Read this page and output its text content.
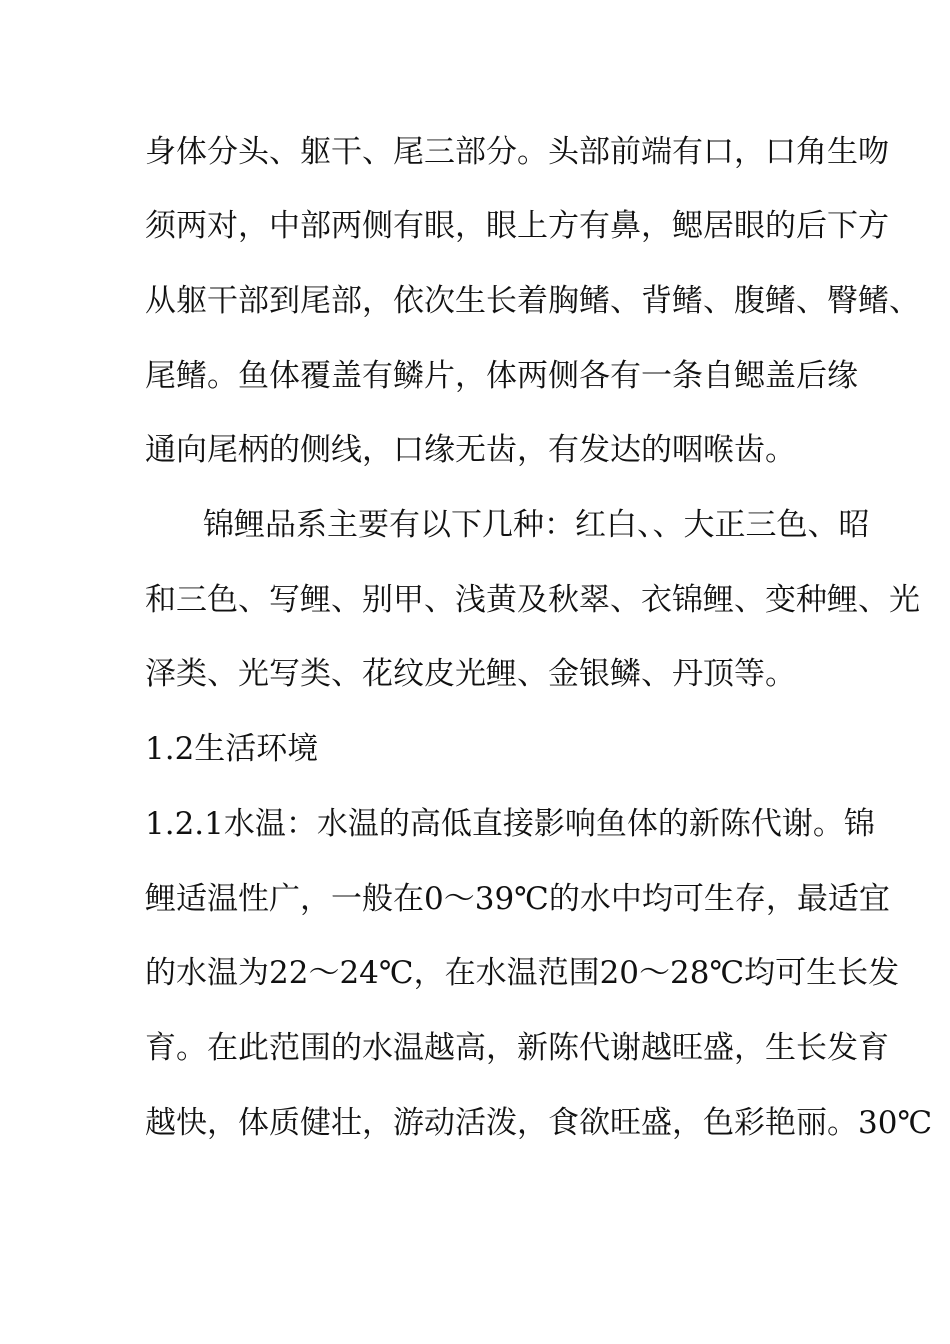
身体分头、躯干、尾三部分。头部前端有口，口角生吻
须两对，中部两侧有眼，眼上方有鼻，鳃居眼的后下方
从躯干部到尾部，依次生长着胸鳍、背鳍、腹鳍、臀鳍、
尾鳍。鱼体覆盖有鳞片，体两侧各有一条自鳃盖后缘
通向尾柄的侧线，口缘无齿，有发达的咽喉齿。
锦鲤品系主要有以下几种：红白、、大正三色、昭
和三色、写鲤、别甲、浅黄及秋翠、衣锦鲤、变种鲤、光
泽类、光写类、花纹皮光鲤、金银鳞、丹顶等。
1.2生活环境
1.2.1水温：水温的高低直接影响鱼体的新陈代谢。锦
鲤适温性广，一般在0～39℃的水中均可生存，最适宜
的水温为22～24℃，在水温范围20～28℃均可生长发
育。在此范围的水温越高，新陈代谢越旺盛，生长发育
越快，体质健壮，游动活泼，食欲旺盛，色彩艳丽。30℃
